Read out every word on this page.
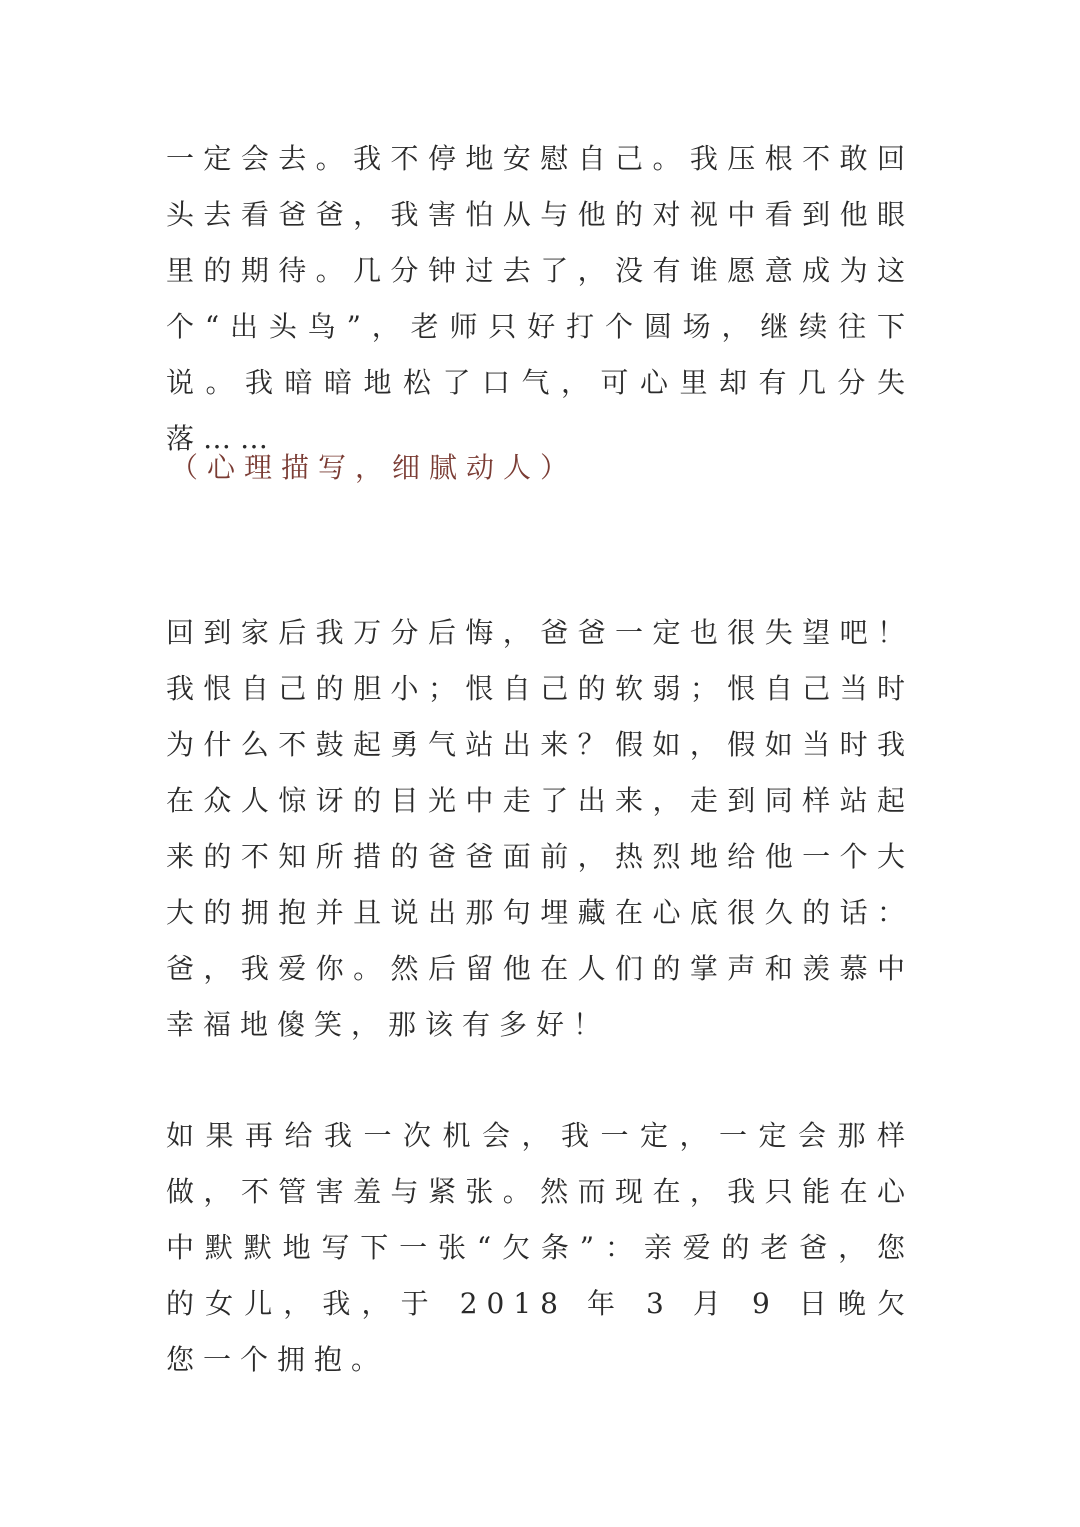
一定会去。我不停地安慰自己。我压根不敢回头去看爸爸，我害怕从与他的对视中看到他眼里的期待。几分钟过去了，没有谁愿意成为这个“出头鸟”，老师只好打个圆场，继续往下说。我暗暗地松了口气，可心里却有几分失落……

（心理描写，细腻动人）

回到家后我万分后悔，爸爸一定也很失望吧！我恨自己的胆小；恨自己的软弱；恨自己当时为什么不鼓起勇气站出来？假如，假如当时我在众人惊讶的目光中走了出来，走到同样站起来的不知所措的爸爸面前，热烈地给他一个大大的拥抱并且说出那句埋藏在心底很久的话：爸，我爱你。然后留他在人们的掌声和羡慕中幸福地傻笑，那该有多好！

如果再给我一次机会，我一定，一定会那样做，不管害羞与紧张。然而现在，我只能在心中默默地写下一张“欠条”：亲爱的老爸，您的女儿，我，于 2018 年 3 月 9 日晚欠您一个拥抱。
